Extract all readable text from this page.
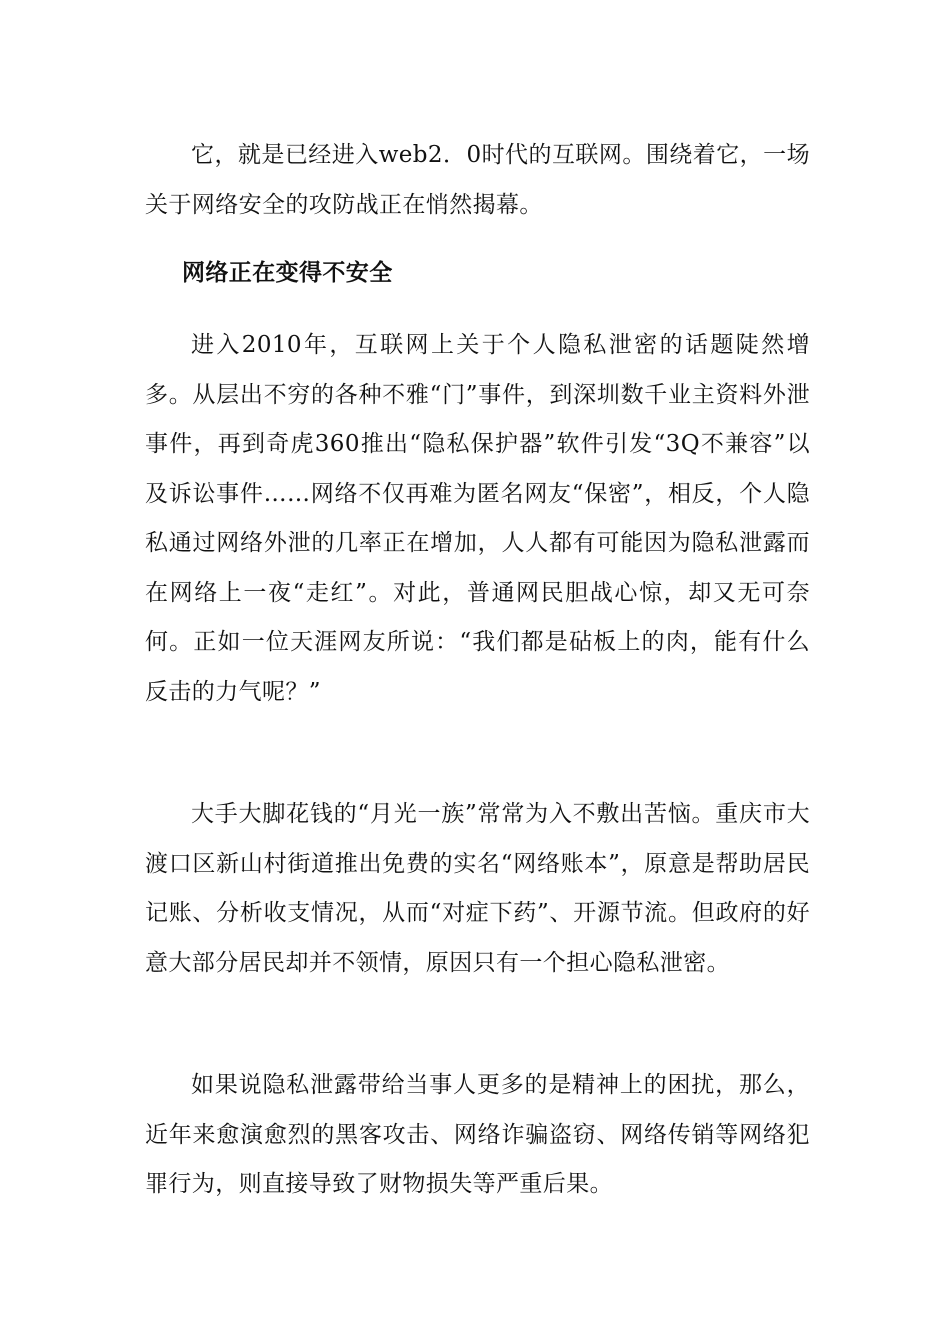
它，就是已经进入web2．0时代的互联网。围绕着它，一场关于网络安全的攻防战正在悄然揭幕。

网络正在变得不安全

进入2010年，互联网上关于个人隐私泄密的话题陡然增多。从层出不穷的各种不雅“门”事件，到深圳数千业主资料外泄事件，再到奇虎360推出“隐私保护器”软件引发“3Q不兼容”以及诉讼事件……网络不仅再难为匿名网友“保密”，相反，个人隐私通过网络外泄的几率正在增加，人人都有可能因为隐私泄露而在网络上一夜“走红”。对此，普通网民胆战心惊，却又无可奈何。正如一位天涯网友所说：“我们都是砧板上的肉，能有什么反击的力气呢？”

大手大脚花钱的“月光一族”常常为入不敷出苦恼。重庆市大渡口区新山村街道推出免费的实名“网络账本”，原意是帮助居民记账、分析收支情况，从而“对症下药”、开源节流。但政府的好意大部分居民却并不领情，原因只有一个担心隐私泄密。

如果说隐私泄露带给当事人更多的是精神上的困扰，那么，近年来愈演愈烈的黑客攻击、网络诈骗盗窃、网络传销等网络犯罪行为，则直接导致了财物损失等严重后果。
